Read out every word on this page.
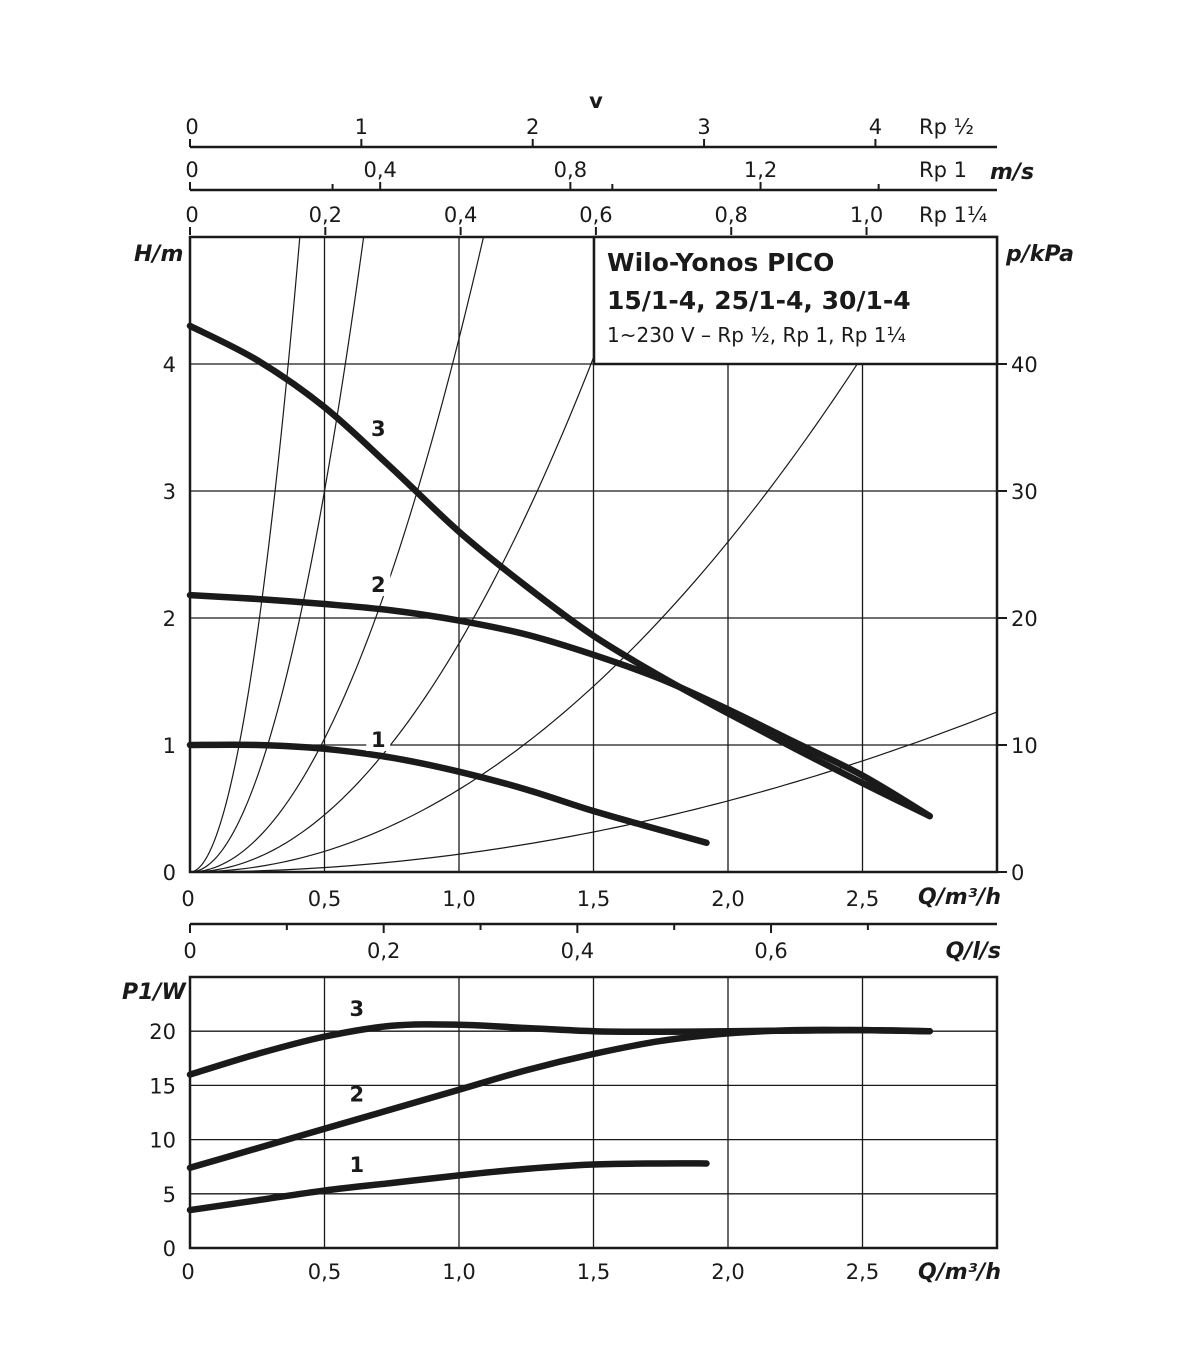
0	1	2	3	4 Rp ½
v
0	0,4	0,8	1,2	Rp 1 m/s
0	0,2	0,4	0,6	0,8	1,0 Rp 1¼
1
2
3
0	0,5	1,0	1,5	2,0	2,5
0
1
2
3
4
0
10
20
30
40
Wilo-Yonos PICO
15/1-4, 25/1-4, 30/1-4
1~230 V – Rp ½, Rp 1, Rp 1¼
H/m	p/kPa
Q/m³/h
Q/l/s
0	0,2	0,4	0,6
1
2
3
0	0,5	1,0	1,5	2,0	2,5
0
5
10
15
20
P1/W
Q/m³/h
